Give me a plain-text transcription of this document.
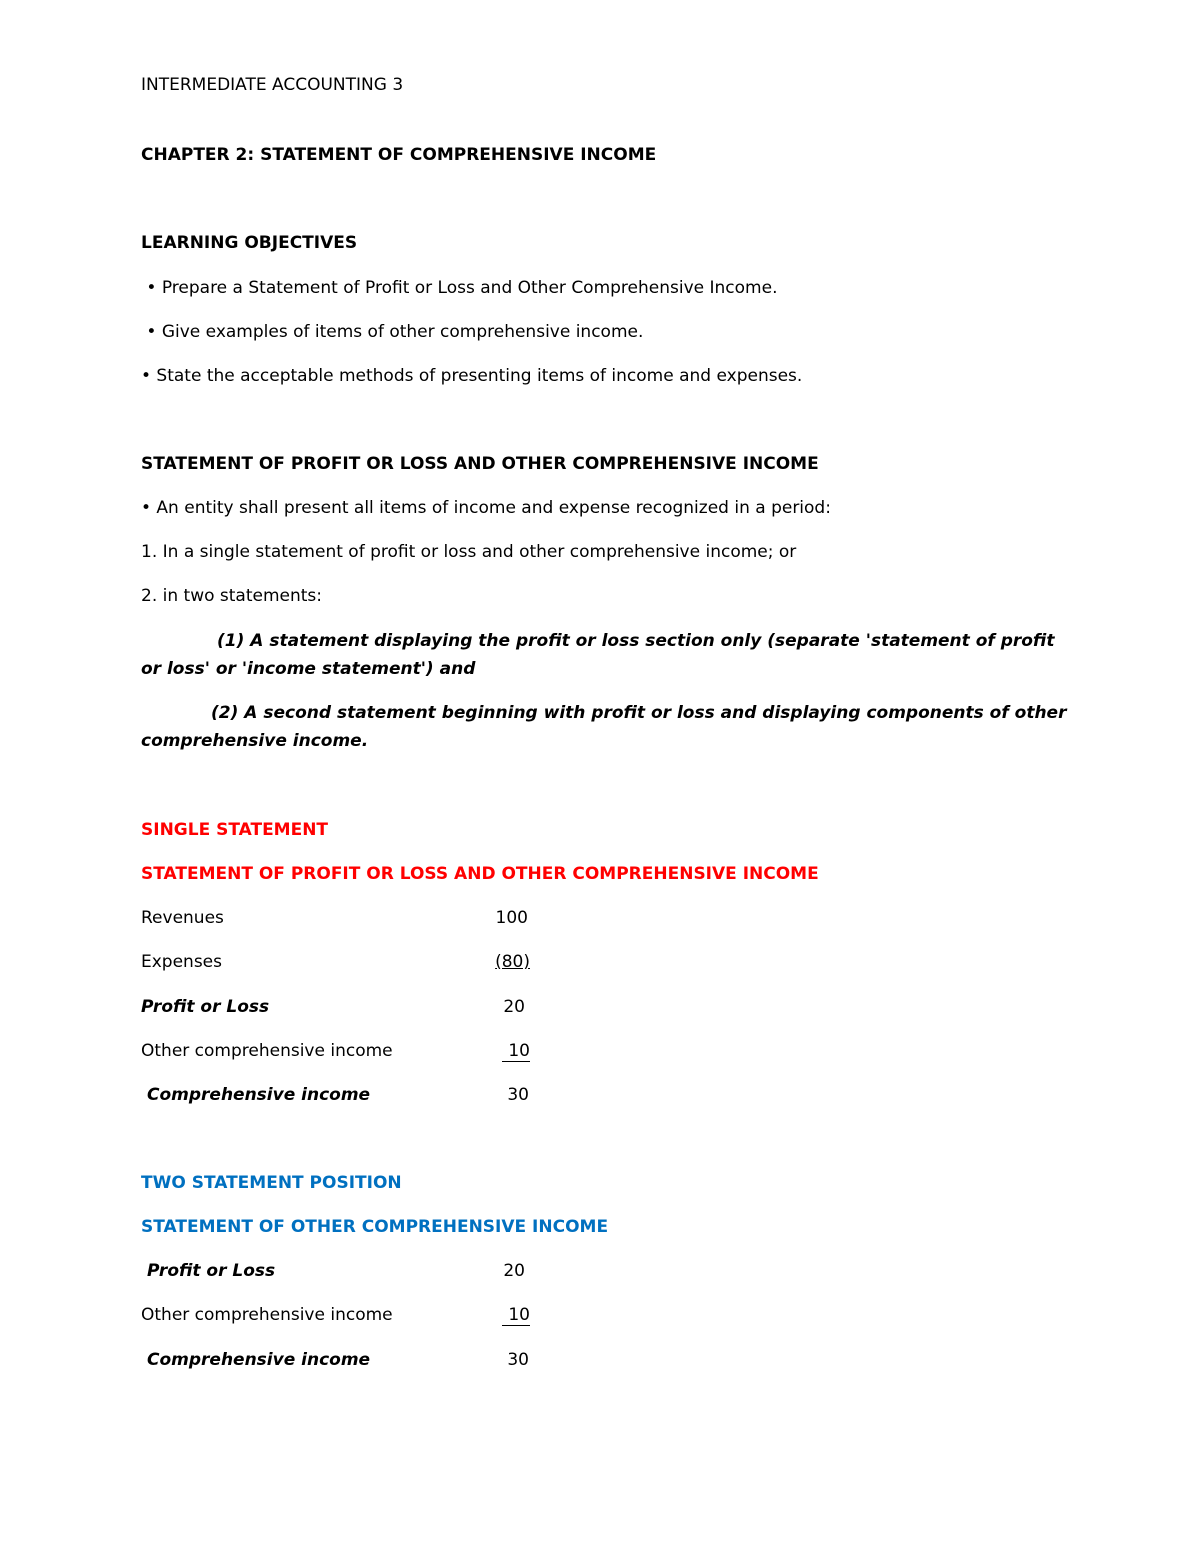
INTERMEDIATE ACCOUNTING 3
CHAPTER 2: STATEMENT OF COMPREHENSIVE INCOME
LEARNING OBJECTIVES
• Prepare a Statement of Profit or Loss and Other Comprehensive Income.
• Give examples of items of other comprehensive income.
• State the acceptable methods of presenting items of income and expenses.
STATEMENT OF PROFIT OR LOSS AND OTHER COMPREHENSIVE INCOME
• An entity shall present all items of income and expense recognized in a period:
1. In a single statement of profit or loss and other comprehensive income; or
2. in two statements:
(1) A statement displaying the profit or loss section only (separate 'statement of profit or loss' or 'income statement') and
(2) A second statement beginning with profit or loss and displaying components of other comprehensive income.
SINGLE STATEMENT
STATEMENT OF PROFIT OR LOSS AND OTHER COMPREHENSIVE INCOME
Revenues	100
Expenses	(80)
Profit or Loss	20
Other comprehensive income	10
Comprehensive income	30
TWO STATEMENT POSITION
STATEMENT OF OTHER COMPREHENSIVE INCOME
Profit or Loss	20
Other comprehensive income	10
Comprehensive income	30
